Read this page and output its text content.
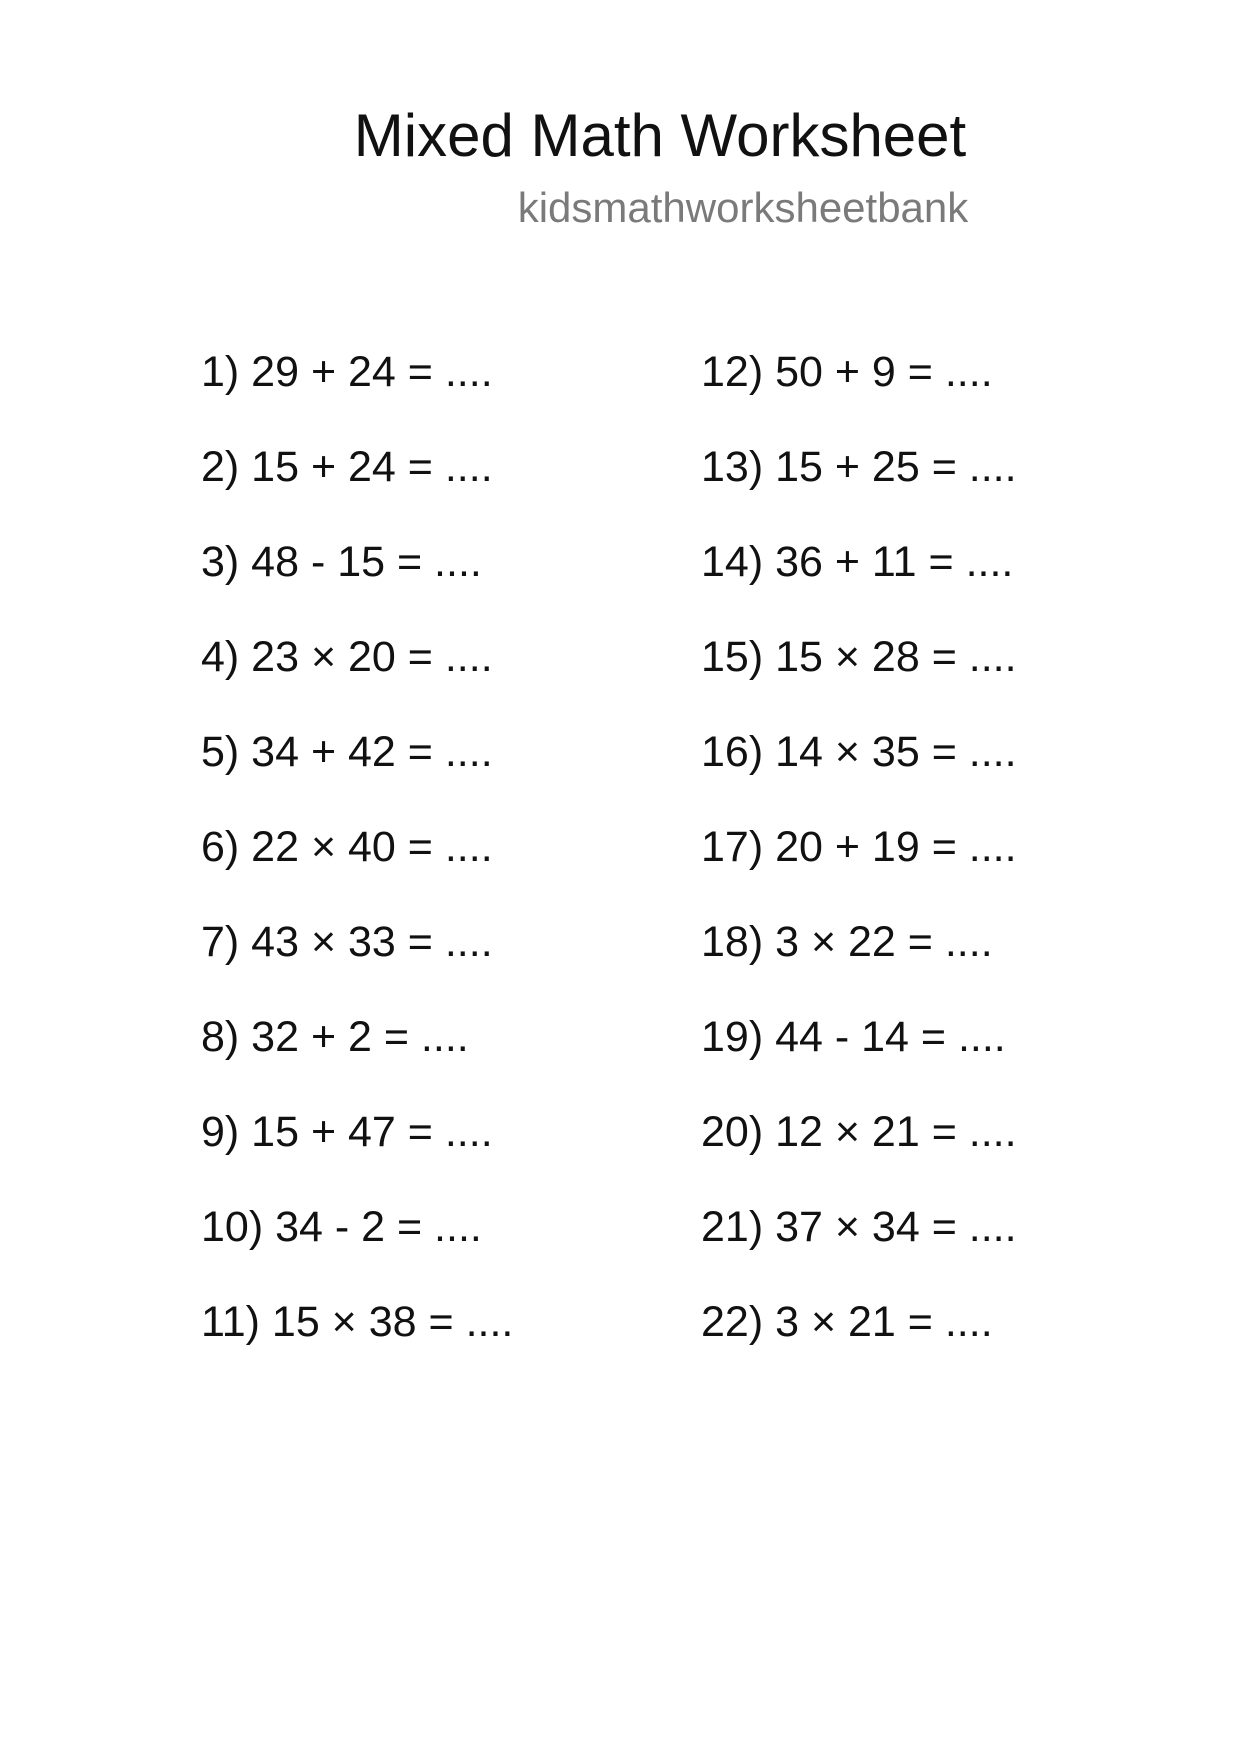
Mixed Math Worksheet
kidsmathworksheetbank
1) 29 + 24 = ....
2) 15 + 24 = ....
3) 48 - 15 = ....
4) 23 × 20 = ....
5) 34 + 42 = ....
6) 22 × 40 = ....
7) 43 × 33 = ....
8) 32 + 2 = ....
9) 15 + 47 = ....
10) 34 - 2 = ....
11) 15 × 38 = ....
12) 50 + 9 = ....
13) 15 + 25 = ....
14) 36 + 11 = ....
15) 15 × 28 = ....
16) 14 × 35 = ....
17) 20 + 19 = ....
18) 3 × 22 = ....
19) 44 - 14 = ....
20) 12 × 21 = ....
21) 37 × 34 = ....
22) 3 × 21 = ....
